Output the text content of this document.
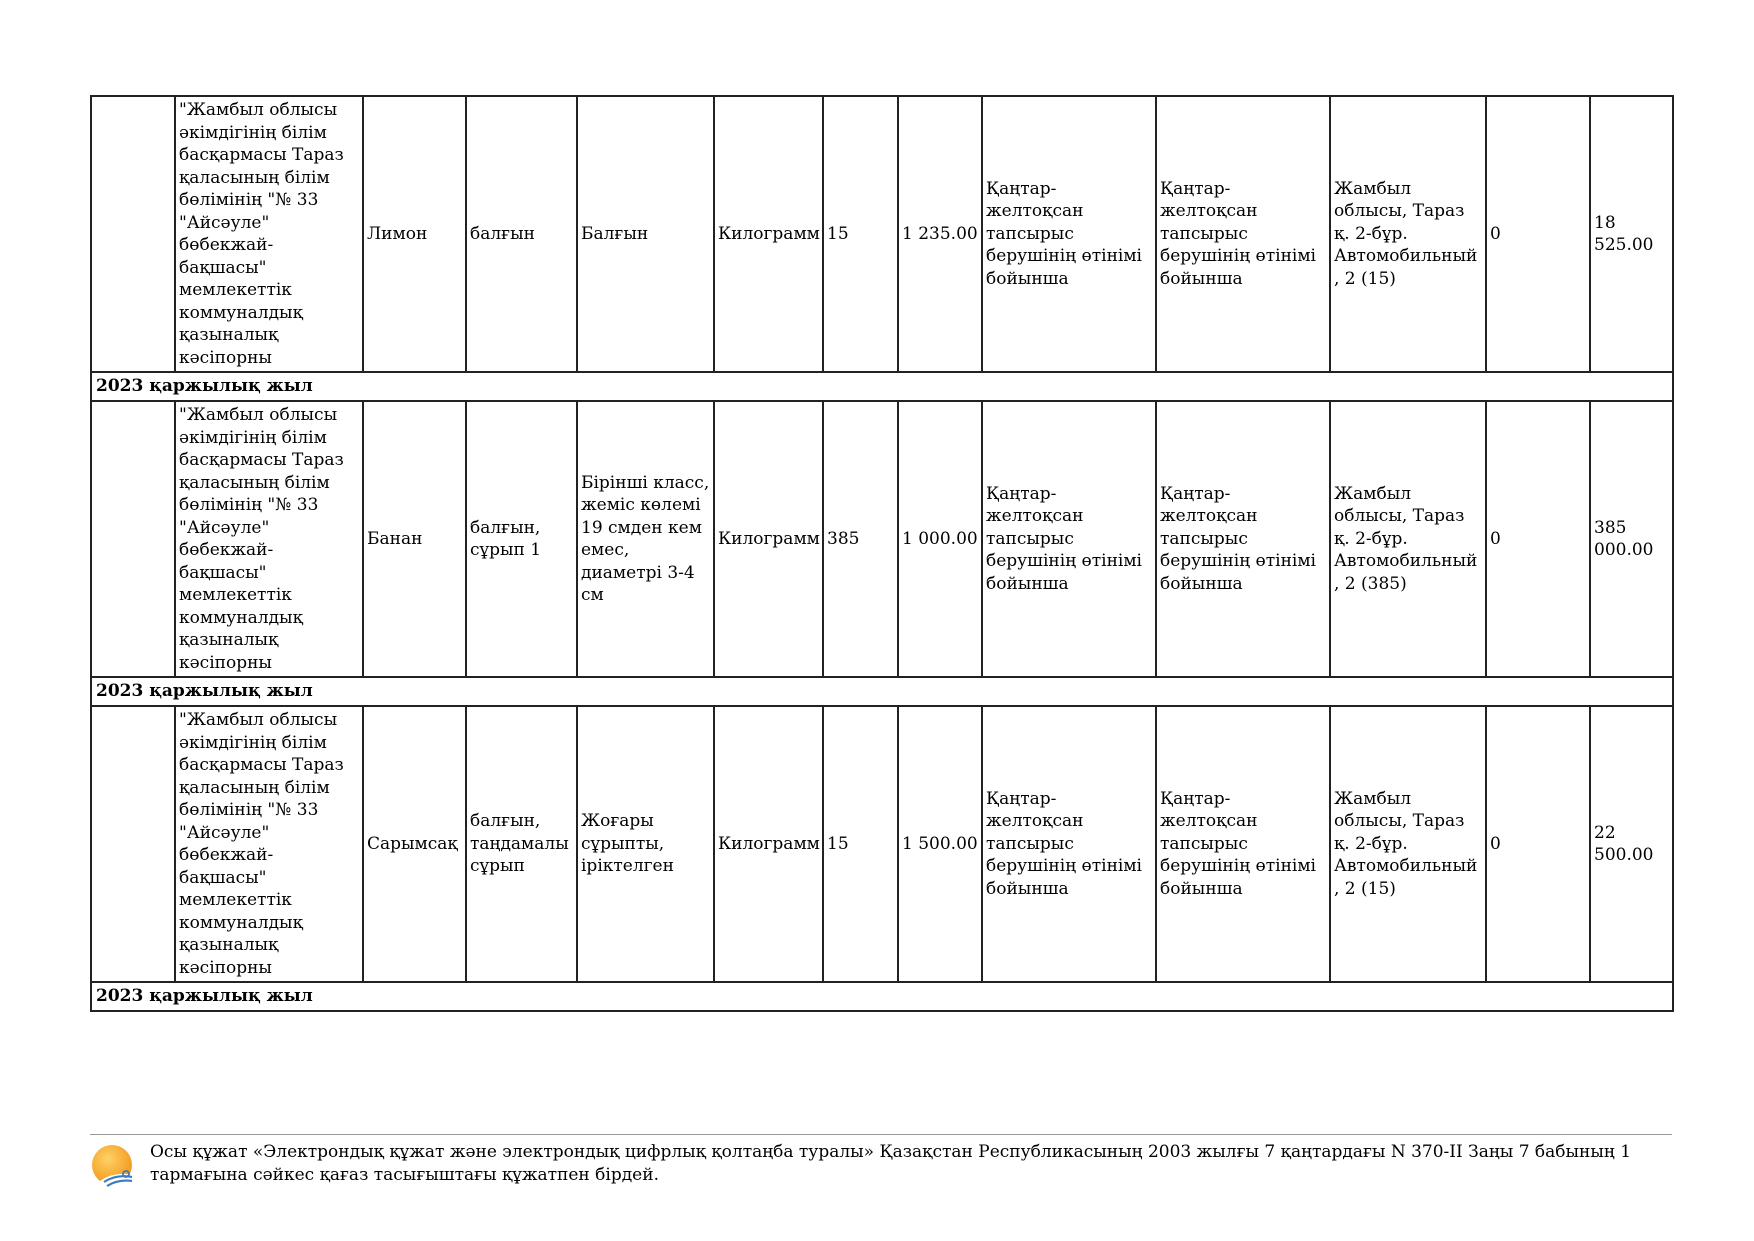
	"Жамбыл облысы әкімдігінің білім басқармасы Тараз қаласының білім бөлімінің "№ 33 "Айсәуле" бөбекжай-бақшасы" мемлекеттік коммуналдық қазыналық кәсіпорны	Лимон	балғын	Балғын	Килограмм	15	1 235.00	Қаңтар-желтоқсан тапсырыс берушінің өтінімі бойынша	Қаңтар-желтоқсан тапсырыс берушінің өтінімі бойынша	Жамбыл облысы, Тараз қ. 2-бұр. Автомобильный, 2 (15)	0	18 525.00
2023 қаржылық жыл												
	"Жамбыл облысы әкімдігінің білім басқармасы Тараз қаласының білім бөлімінің "№ 33 "Айсәуле" бөбекжай-бақшасы" мемлекеттік коммуналдық қазыналық кәсіпорны	Банан	балғын, сұрып 1	Бірінші класс, жеміс көлемі 19 смден кем емес, диаметрі 3-4 см	Килограмм	385	1 000.00	Қаңтар-желтоқсан тапсырыс берушінің өтінімі бойынша	Қаңтар-желтоқсан тапсырыс берушінің өтінімі бойынша	Жамбыл облысы, Тараз қ. 2-бұр. Автомобильный, 2 (385)	0	385 000.00
2023 қаржылық жыл												
	"Жамбыл облысы әкімдігінің білім басқармасы Тараз қаласының білім бөлімінің "№ 33 "Айсәуле" бөбекжай-бақшасы" мемлекеттік коммуналдық қазыналық кәсіпорны	Сарымсақ	балғын, таңдамалы сұрып	Жоғары сұрыпты, іріктелген	Килограмм	15	1 500.00	Қаңтар-желтоқсан тапсырыс берушінің өтінімі бойынша	Қаңтар-желтоқсан тапсырыс берушінің өтінімі бойынша	Жамбыл облысы, Тараз қ. 2-бұр. Автомобильный, 2 (15)	0	22 500.00
2023 қаржылық жыл												
Осы құжат «Электрондық құжат және электрондық цифрлық қолтаңба туралы» Қазақстан Республикасының 2003 жылғы 7 қаңтардағы N 370-II Заңы 7 бабының 1 тармағына сәйкес қағаз тасығыштағы құжатпен бірдей.
